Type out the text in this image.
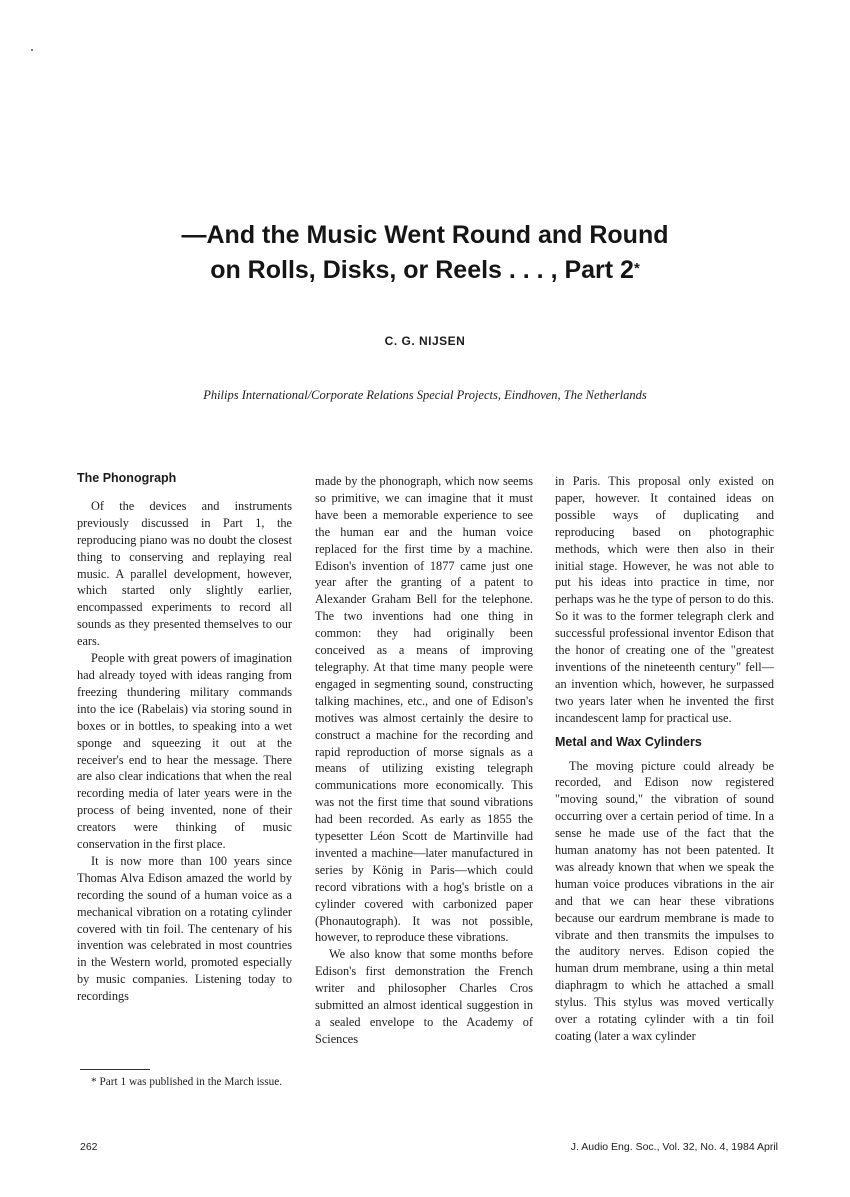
—And the Music Went Round and Round
on Rolls, Disks, or Reels . . . , Part 2*
C. G. NIJSEN
Philips International/Corporate Relations Special Projects, Eindhoven, The Netherlands
The Phonograph

Of the devices and instruments previously discussed in Part 1, the reproducing piano was no doubt the closest thing to conserving and replaying real music. A parallel development, however, which started only slightly earlier, encompassed experiments to record all sounds as they presented themselves to our ears.

People with great powers of imagination had already toyed with ideas ranging from freezing thundering military commands into the ice (Rabelais) via storing sound in boxes or in bottles, to speaking into a wet sponge and squeezing it out at the receiver's end to hear the message. There are also clear indications that when the real recording media of later years were in the process of being invented, none of their creators were thinking of music conservation in the first place.

It is now more than 100 years since Thomas Alva Edison amazed the world by recording the sound of a human voice as a mechanical vibration on a rotating cylinder covered with tin foil. The centenary of his invention was celebrated in most countries in the Western world, promoted especially by music companies. Listening today to recordings

made by the phonograph, which now seems so primitive, we can imagine that it must have been a memorable experience to see the human ear and the human voice replaced for the first time by a machine. Edison's invention of 1877 came just one year after the granting of a patent to Alexander Graham Bell for the telephone. The two inventions had one thing in common: they had originally been conceived as a means of improving telegraphy. At that time many people were engaged in segmenting sound, constructing talking machines, etc., and one of Edison's motives was almost certainly the desire to construct a machine for the recording and rapid reproduction of morse signals as a means of utilizing existing telegraph communications more economically. This was not the first time that sound vibrations had been recorded. As early as 1855 the typesetter Léon Scott de Martinville had invented a machine—later manufactured in series by König in Paris—which could record vibrations with a hog's bristle on a cylinder covered with carbonized paper (Phonautograph). It was not possible, however, to reproduce these vibrations.

We also know that some months before Edison's first demonstration the French writer and philosopher Charles Cros submitted an almost identical suggestion in a sealed envelope to the Academy of Sciences

in Paris. This proposal only existed on paper, however. It contained ideas on possible ways of duplicating and reproducing based on photographic methods, which were then also in their initial stage. However, he was not able to put his ideas into practice in time, nor perhaps was he the type of person to do this. So it was to the former telegraph clerk and successful professional inventor Edison that the honor of creating one of the "greatest inventions of the nineteenth century" fell—an invention which, however, he surpassed two years later when he invented the first incandescent lamp for practical use.

Metal and Wax Cylinders

The moving picture could already be recorded, and Edison now registered "moving sound," the vibration of sound occurring over a certain period of time. In a sense he made use of the fact that the human anatomy has not been patented. It was already known that when we speak the human voice produces vibrations in the air and that we can hear these vibrations because our eardrum membrane is made to vibrate and then transmits the impulses to the auditory nerves. Edison copied the human drum membrane, using a thin metal diaphragm to which he attached a small stylus. This stylus was moved vertically over a rotating cylinder with a tin foil coating (later a wax cylinder

* Part 1 was published in the March issue.
262	J. Audio Eng. Soc., Vol. 32, No. 4, 1984 April
